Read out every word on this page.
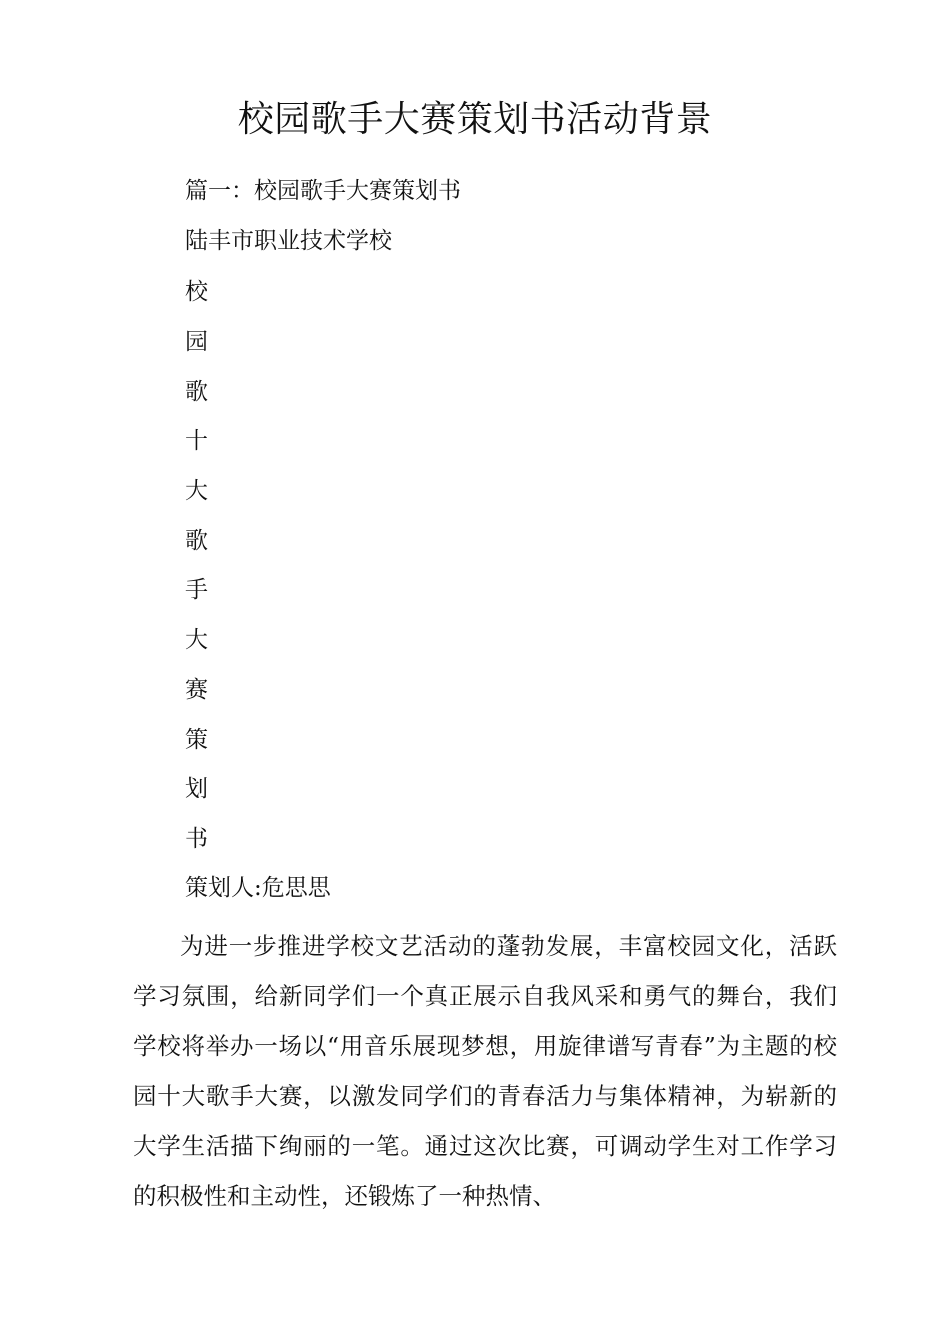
校园歌手大赛策划书活动背景
篇一：校园歌手大赛策划书
陆丰市职业技术学校
校
园
歌
十
大
歌
手
大
赛
策
划
书
策划人:危思思
为进一步推进学校文艺活动的蓬勃发展，丰富校园文化，活跃学习氛围，给新同学们一个真正展示自我风采和勇气的舞台，我们学校将举办一场以“用音乐展现梦想，用旋律谱写青春”为主题的校园十大歌手大赛，以激发同学们的青春活力与集体精神，为崭新的大学生活描下绚丽的一笔。通过这次比赛，可调动学生对工作学习的积极性和主动性，还锻炼了一种热情、
